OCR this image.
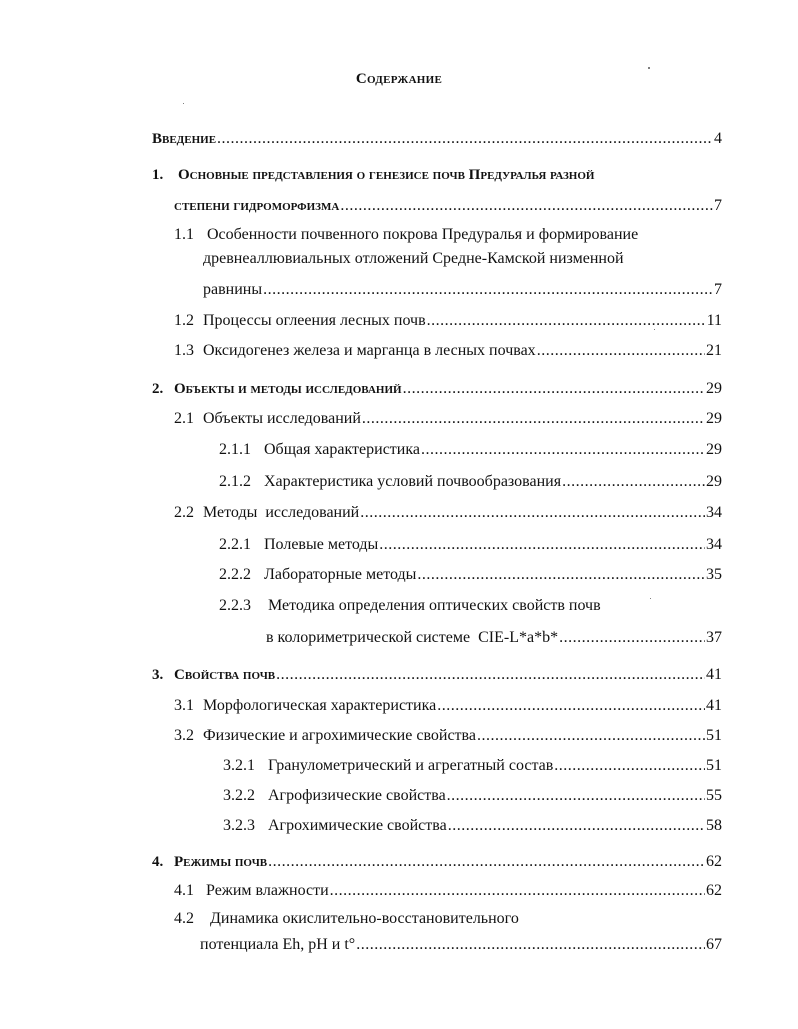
Содержание
Введение .....	4
1. Основные представления о генезисе почв Предуралья разной
степени гидроморфизма .....	7
1.1 Особенности почвенного покрова Предуралья и формирование
древнеаллювиальных отложений Средне-Камской низменной
равнины .....	7
1.2 Процессы оглеения лесных почв .....	11
1.3 Оксидогенез железа и марганца в лесных почвах .....	21
2. Объекты и методы исследований .....	29
2.1 Объекты исследований .....	29
2.1.1 Общая характеристика .....	29
2.1.2 Характеристика условий почвообразования .....	29
2.2 Методы  исследований .....	34
2.2.1 Полевые методы .....	34
2.2.2 Лабораторные методы .....	35
2.2.3 Методика определения оптических свойств почв
в колориметрической системе  CIE-L*a*b* .....	37
3. Свойства почв .....	41
3.1 Морфологическая характеристика .....	41
3.2 Физические и агрохимические свойства .....	51
3.2.1 Гранулометрический и агрегатный состав .....	51
3.2.2 Агрофизические свойства .....	55
3.2.3 Агрохимические свойства .....	58
4. Режимы почв .....	62
4.1 Режим влажности .....	62
4.2 Динамика окислительно-восстановительного
потенциала Eh, pH и t° .....	67
